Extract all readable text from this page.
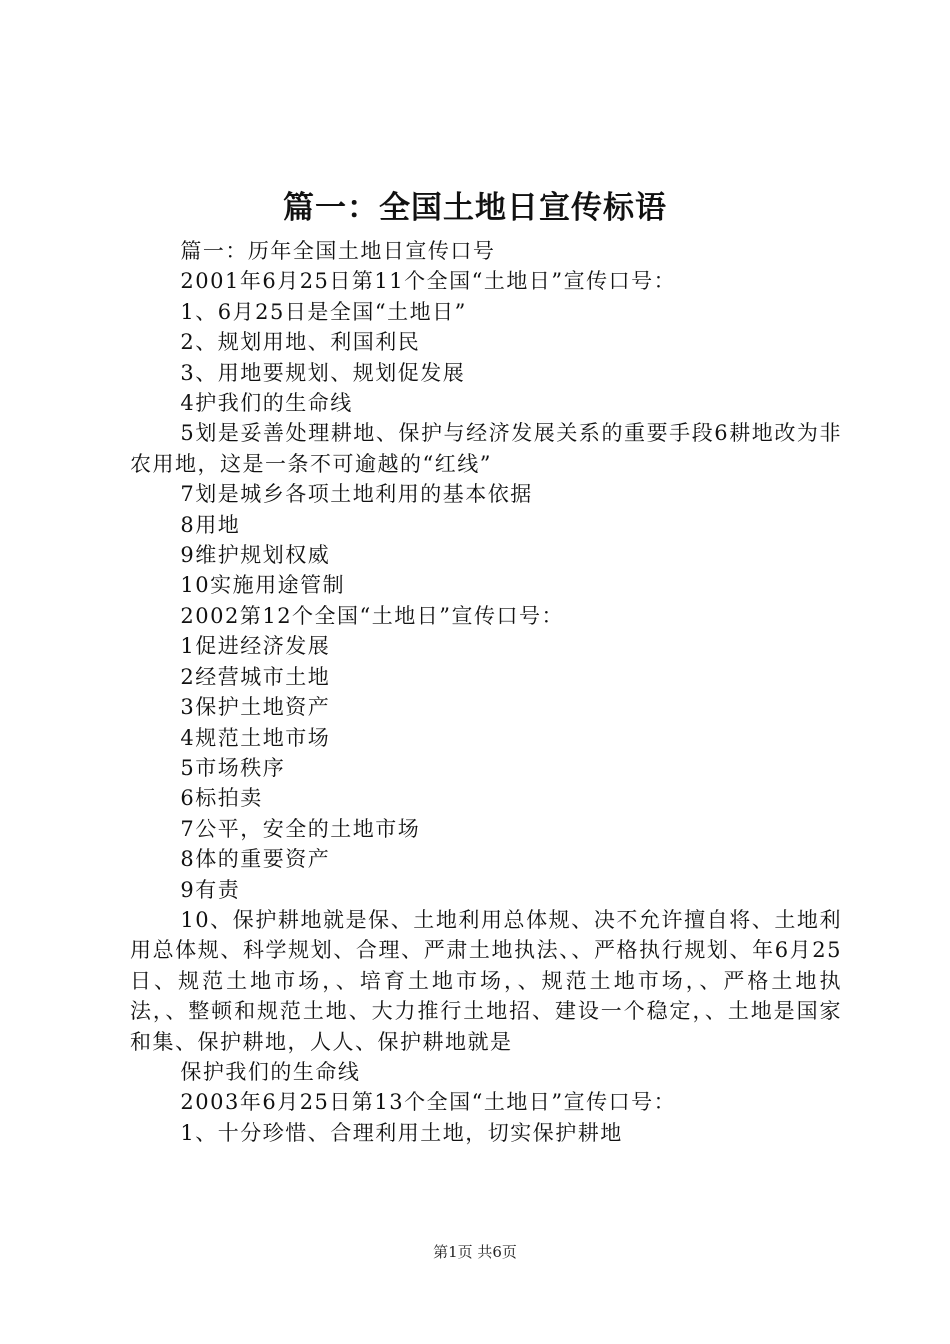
篇一：全国土地日宣传标语

篇一：历年全国土地日宣传口号

2001年6月25日第11个全国“土地日”宣传口号：

1、6月25日是全国“土地日”

2、规划用地、利国利民

3、用地要规划、规划促发展

4护我们的生命线

5划是妥善处理耕地、保护与经济发展关系的重要手段6耕地改为非农用地，这是一条不可逾越的“红线”

7划是城乡各项土地利用的基本依据

8用地

9维护规划权威

10实施用途管制

2002第12个全国“土地日”宣传口号：

1促进经济发展

2经营城市土地

3保护土地资产

4规范土地市场

5市场秩序

6标拍卖

7公平，安全的土地市场

8体的重要资产

9有责

10、保护耕地就是保、土地利用总体规、决不允许擅自将、土地利用总体规、科学规划、合理、严肃土地执法、、严格执行规划、年6月25日、规范土地市场，、培育土地市场，、规范土地市场，、严格土地执法，、整顿和规范土地、大力推行土地招、建设一个稳定，、土地是国家和集、保护耕地，人人、保护耕地就是

保护我们的生命线

2003年6月25日第13个全国“土地日”宣传口号：

1、十分珍惜、合理利用土地，切实保护耕地

第1页 共6页
